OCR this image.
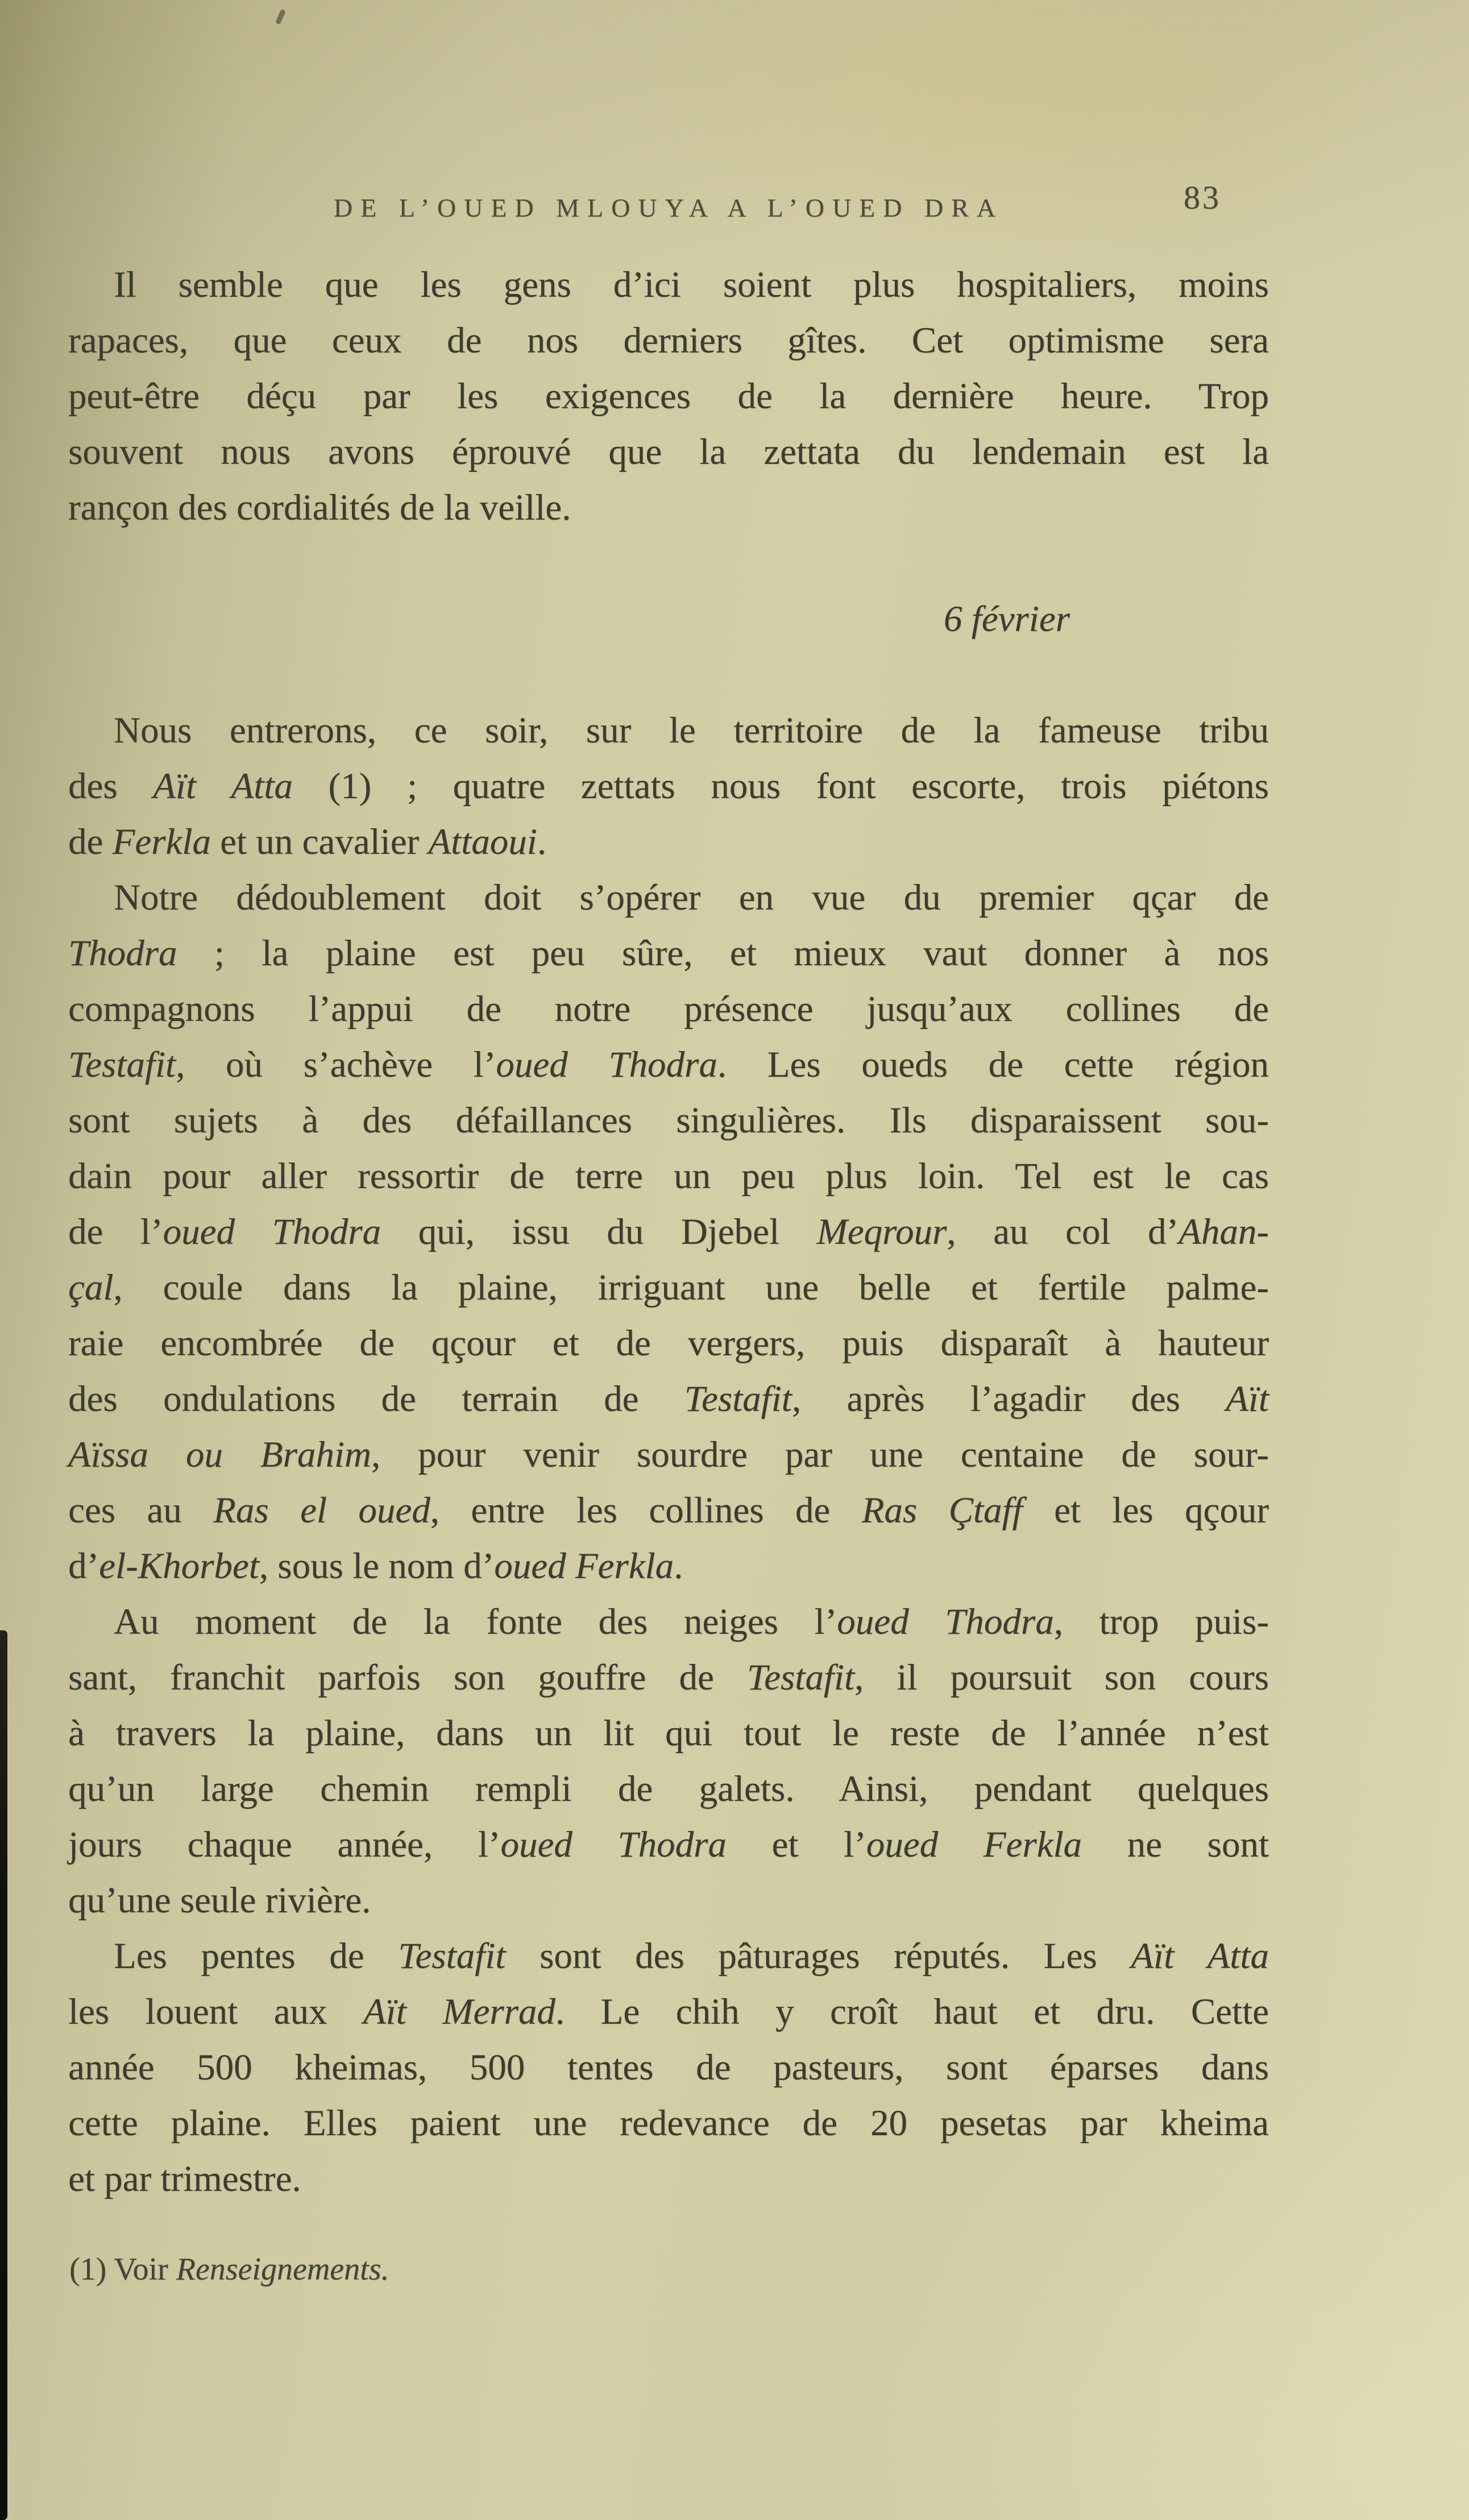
DE L’OUED MLOUYA A L’OUED DRA	83
Il semble que les gens d’ici soient plus hospitaliers, moins
rapaces, que ceux de nos derniers gîtes. Cet optimisme sera
peut-être déçu par les exigences de la dernière heure. Trop
souvent nous avons éprouvé que la zettata du lendemain est la
rançon des cordialités de la veille.
6 février
Nous entrerons, ce soir, sur le territoire de la fameuse tribu
des Aït Atta (1) ; quatre zettats nous font escorte, trois piétons
de Ferkla et un cavalier Attaoui.
Notre dédoublement doit s’opérer en vue du premier qçar de
Thodra ; la plaine est peu sûre, et mieux vaut donner à nos
compagnons l’appui de notre présence jusqu’aux collines de
Testafit, où s’achève l’oued Thodra. Les oueds de cette région
sont sujets à des défaillances singulières. Ils disparaissent sou-
dain pour aller ressortir de terre un peu plus loin. Tel est le cas
de l’oued Thodra qui, issu du Djebel Meqrour, au col d’Ahan-
çal, coule dans la plaine, irriguant une belle et fertile palme-
raie encombrée de qçour et de vergers, puis disparaît à hauteur
des ondulations de terrain de Testafit, après l’agadir des Aït
Aïssa ou Brahim, pour venir sourdre par une centaine de sour-
ces au Ras el oued, entre les collines de Ras Çtaff et les qçour
d’el-Khorbet, sous le nom d’oued Ferkla.
Au moment de la fonte des neiges l’oued Thodra, trop puis-
sant, franchit parfois son gouffre de Testafit, il poursuit son cours
à travers la plaine, dans un lit qui tout le reste de l’année n’est
qu’un large chemin rempli de galets. Ainsi, pendant quelques
jours chaque année, l’oued Thodra et l’oued Ferkla ne sont
qu’une seule rivière.
Les pentes de Testafit sont des pâturages réputés. Les Aït Atta
les louent aux Aït Merrad. Le chih y croît haut et dru. Cette
année 500 kheimas, 500 tentes de pasteurs, sont éparses dans
cette plaine. Elles paient une redevance de 20 pesetas par kheima
et par trimestre.
(1) Voir Renseignements.
